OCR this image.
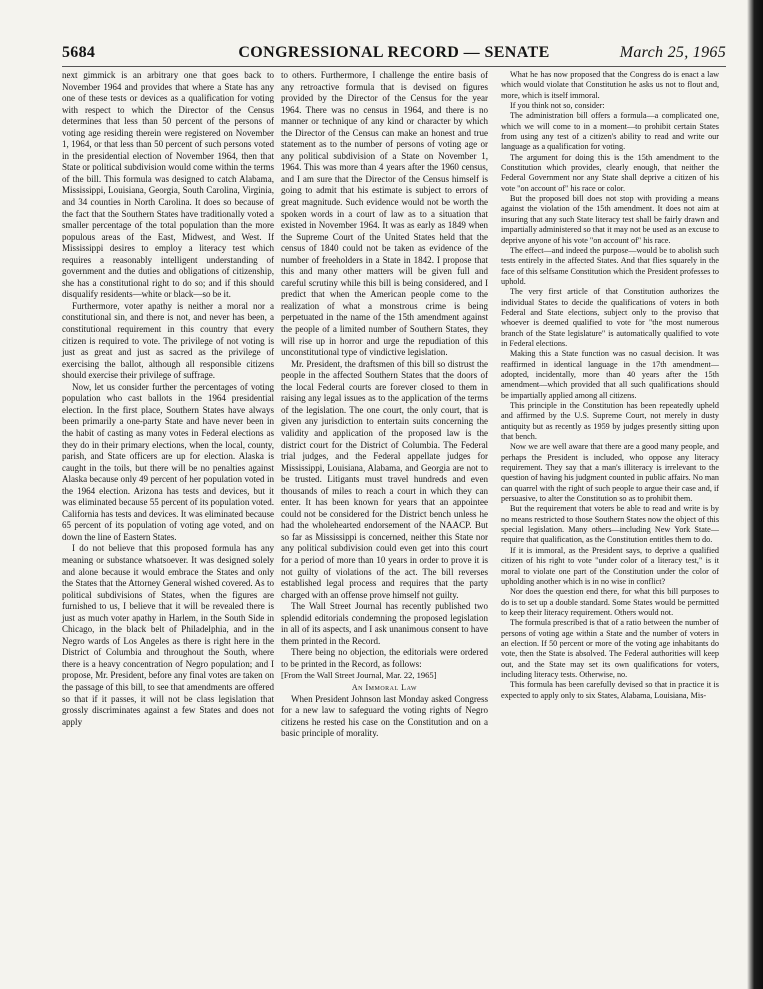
5684	CONGRESSIONAL RECORD — SENATE	March 25, 1965

next gimmick is an arbitrary one that goes back to November 1964 and provides that where a State has any one of these tests or devices as a qualification for voting with respect to which the Director of the Census determines that less than 50 percent of the persons of voting age residing therein were registered on November 1, 1964, or that less than 50 percent of such persons voted in the presidential election of November 1964, then that State or political subdivision would come within the terms of the bill. This formula was designed to catch Alabama, Mississippi, Louisiana, Georgia, South Carolina, Virginia, and 34 counties in North Carolina. It does so because of the fact that the Southern States have traditionally voted a smaller percentage of the total population than the more populous areas of the East, Midwest, and West. If Mississippi desires to employ a literacy test which requires a reasonably intelligent understanding of government and the duties and obligations of citizenship, she has a constitutional right to do so; and if this should disqualify residents—white or black—so be it.

Furthermore, voter apathy is neither a moral nor a constitutional sin, and there is not, and never has been, a constitutional requirement in this country that every citizen is required to vote. The privilege of not voting is just as great and just as sacred as the privilege of exercising the ballot, although all responsible citizens should exercise their privilege of suffrage.

Now, let us consider further the percentages of voting population who cast ballots in the 1964 presidential election. In the first place, Southern States have always been primarily a one-party State and have never been in the habit of casting as many votes in Federal elections as they do in their primary elections, when the local, county, parish, and State officers are up for election. Alaska is caught in the toils, but there will be no penalties against Alaska because only 49 percent of her population voted in the 1964 election. Arizona has tests and devices, but it was eliminated because 55 percent of its population voted. California has tests and devices. It was eliminated because 65 percent of its population of voting age voted, and on down the line of Eastern States.

I do not believe that this proposed formula has any meaning or substance whatsoever. It was designed solely and alone because it would embrace the States and only the States that the Attorney General wished covered. As to political subdivisions of States, when the figures are furnished to us, I believe that it will be revealed there is just as much voter apathy in Harlem, in the South Side in Chicago, in the black belt of Philadelphia, and in the Negro wards of Los Angeles as there is right here in the District of Columbia and throughout the South, where there is a heavy concentration of Negro population; and I propose, Mr. President, before any final votes are taken on the passage of this bill, to see that amendments are offered so that if it passes, it will not be class legislation that grossly discriminates against a few States and does not apply

to others. Furthermore, I challenge the entire basis of any retroactive formula that is devised on figures provided by the Director of the Census for the year 1964. There was no census in 1964, and there is no manner or technique of any kind or character by which the Director of the Census can make an honest and true statement as to the number of persons of voting age or any political subdivision of a State on November 1, 1964. This was more than 4 years after the 1960 census, and I am sure that the Director of the Census himself is going to admit that his estimate is subject to errors of great magnitude. Such evidence would not be worth the spoken words in a court of law as to a situation that existed in November 1964. It was as early as 1849 when the Supreme Court of the United States held that the census of 1840 could not be taken as evidence of the number of freeholders in a State in 1842. I propose that this and many other matters will be given full and careful scrutiny while this bill is being considered, and I predict that when the American people come to the realization of what a monstrous crime is being perpetuated in the name of the 15th amendment against the people of a limited number of Southern States, they will rise up in horror and urge the repudiation of this unconstitutional type of vindictive legislation.

Mr. President, the draftsmen of this bill so distrust the people in the affected Southern States that the doors of the local Federal courts are forever closed to them in raising any legal issues as to the application of the terms of the legislation. The one court, the only court, that is given any jurisdiction to entertain suits concerning the validity and application of the proposed law is the district court for the District of Columbia. The Federal trial judges, and the Federal appellate judges for Mississippi, Louisiana, Alabama, and Georgia are not to be trusted. Litigants must travel hundreds and even thousands of miles to reach a court in which they can enter. It has been known for years that an appointee could not be considered for the District bench unless he had the wholehearted endorsement of the NAACP. But so far as Mississippi is concerned, neither this State nor any political subdivision could even get into this court for a period of more than 10 years in order to prove it is not guilty of violations of the act. The bill reverses established legal process and requires that the party charged with an offense prove himself not guilty.

The Wall Street Journal has recently published two splendid editorials condemning the proposed legislation in all of its aspects, and I ask unanimous consent to have them printed in the Record.

There being no objection, the editorials were ordered to be printed in the Record, as follows:

[From the Wall Street Journal, Mar. 22, 1965]

An Immoral Law

When President Johnson last Monday asked Congress for a new law to safeguard the voting rights of Negro citizens he rested his case on the Constitution and on a basic principle of morality.

What he has now proposed that the Congress do is enact a law which would violate that Constitution he asks us not to flout and, more, which is itself immoral.

If you think not so, consider:

The administration bill offers a formula—a complicated one, which we will come to in a moment—to prohibit certain States from using any test of a citizen's ability to read and write our language as a qualification for voting.

The argument for doing this is the 15th amendment to the Constitution which provides, clearly enough, that neither the Federal Government nor any State shall deprive a citizen of his vote "on account of" his race or color.

But the proposed bill does not stop with providing a means against the violation of the 15th amendment. It does not aim at insuring that any such State literacy test shall be fairly drawn and impartially administered so that it may not be used as an excuse to deprive anyone of his vote "on account of" his race.

The effect—and indeed the purpose—would be to abolish such tests entirely in the affected States. And that flies squarely in the face of this selfsame Constitution which the President professes to uphold.

The very first article of that Constitution authorizes the individual States to decide the qualifications of voters in both Federal and State elections, subject only to the proviso that whoever is deemed qualified to vote for "the most numerous branch of the State legislature" is automatically qualified to vote in Federal elections.

Making this a State function was no casual decision. It was reaffirmed in identical language in the 17th amendment—adopted, incidentally, more than 40 years after the 15th amendment—which provided that all such qualifications should be impartially applied among all citizens.

This principle in the Constitution has been repeatedly upheld and affirmed by the U.S. Supreme Court, not merely in dusty antiquity but as recently as 1959 by judges presently sitting upon that bench.

Now we are well aware that there are a good many people, and perhaps the President is included, who oppose any literacy requirement. They say that a man's illiteracy is irrelevant to the question of having his judgment counted in public affairs. No man can quarrel with the right of such people to argue their case and, if persuasive, to alter the Constitution so as to prohibit them.

But the requirement that voters be able to read and write is by no means restricted to those Southern States now the object of this special legislation. Many others—including New York State—require that qualification, as the Constitution entitles them to do.

If it is immoral, as the President says, to deprive a qualified citizen of his right to vote "under color of a literacy test," is it moral to violate one part of the Constitution under the color of upholding another which is in no wise in conflict?

Nor does the question end there, for what this bill purposes to do is to set up a double standard. Some States would be permitted to keep their literacy requirement. Others would not.

The formula prescribed is that of a ratio between the number of persons of voting age within a State and the number of voters in an election. If 50 percent or more of the voting age inhabitants do vote, then the State is absolved. The Federal authorities will keep out, and the State may set its own qualifications for voters, including literacy tests. Otherwise, no.

This formula has been carefully devised so that in practice it is expected to apply only to six States, Alabama, Louisiana, Mis-
